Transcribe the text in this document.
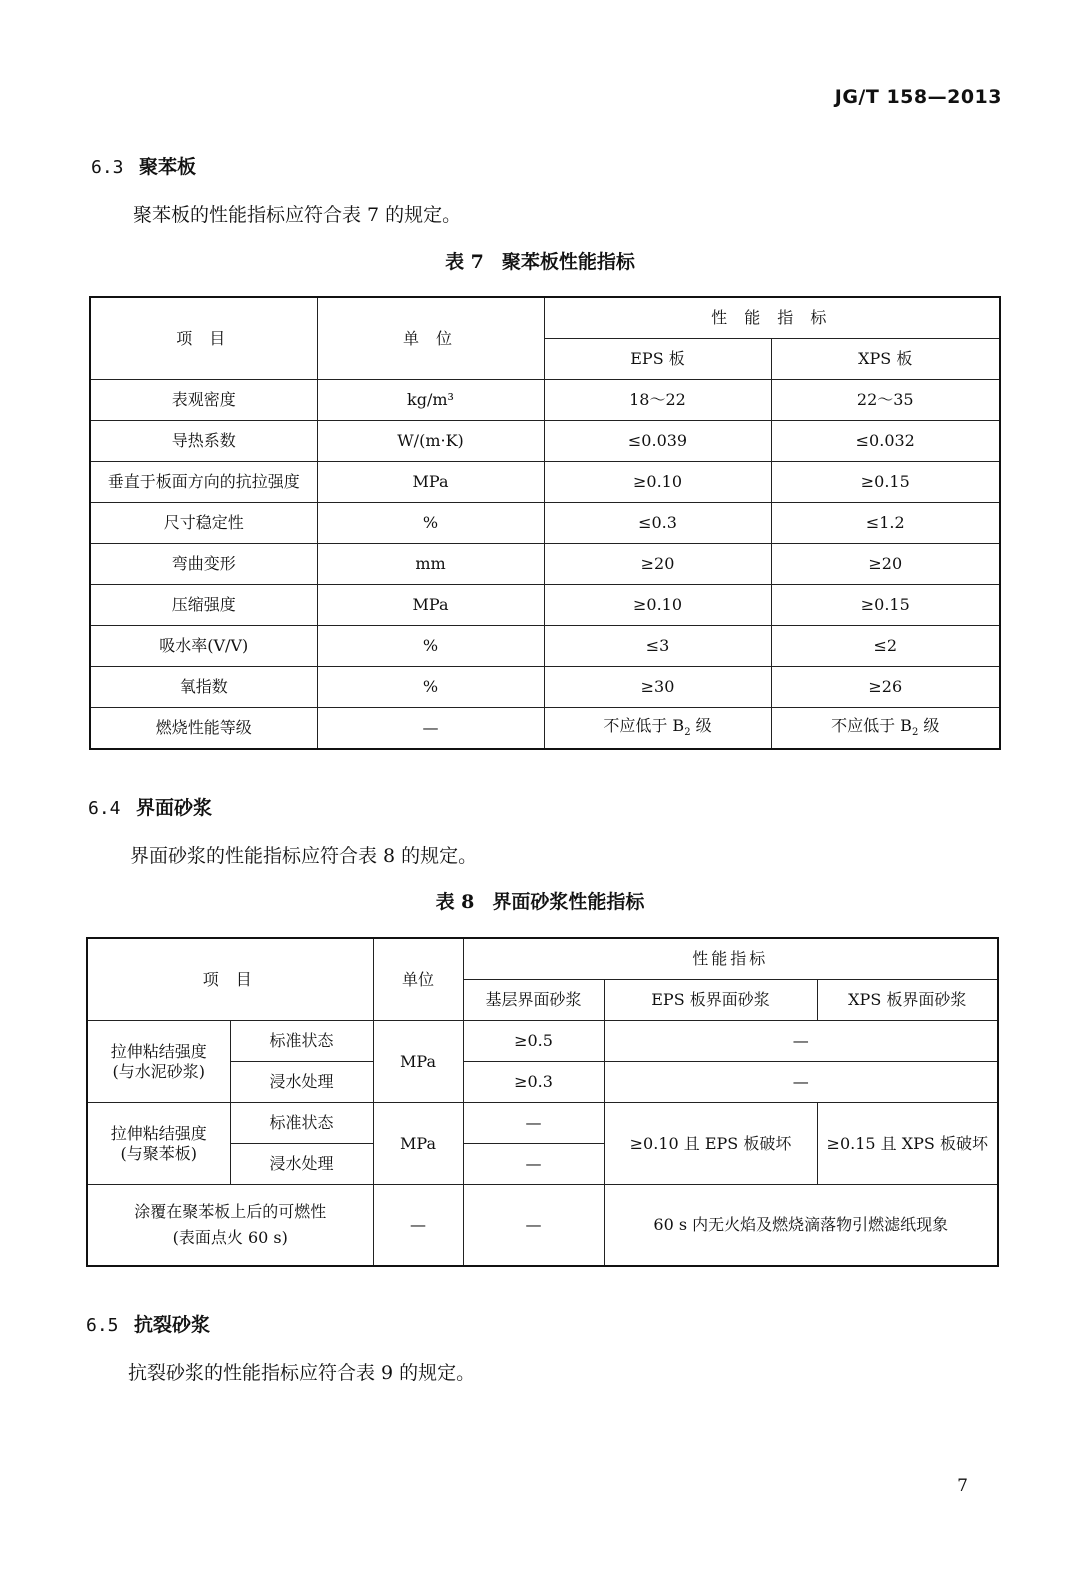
JG/T 158—2013
6.3 聚苯板
聚苯板的性能指标应符合表 7 的规定。
表 7 聚苯板性能指标
项 目	单 位	性 能 指 标	
		EPS 板	XPS 板
表观密度	kg/m³	18～22	22～35
导热系数	W/(m·K)	≤0.039	≤0.032
垂直于板面方向的抗拉强度	MPa	≥0.10	≥0.15
尺寸稳定性	%	≤0.3	≤1.2
弯曲变形	mm	≥20	≥20
压缩强度	MPa	≥0.10	≥0.15
吸水率(V/V)	%	≤3	≤2
氧指数	%	≥30	≥26
燃烧性能等级	—	不应低于 $B_2$ 级	不应低于 $B_2$ 级
6.4 界面砂浆
界面砂浆的性能指标应符合表 8 的规定。
表 8 界面砂浆性能指标
项 目		单位	性能指标		
			基层界面砂浆	EPS 板界面砂浆	XPS 板界面砂浆

拉伸粘结强度
(与水泥砂浆)	标准状态	MPa	≥0.5	—	
	浸水处理		≥0.3	—	

拉伸粘结强度
(与聚苯板)	标准状态	MPa	—	≥0.10 且 EPS 板破坏	≥0.15 且 XPS 板破坏
	浸水处理		—		

涂覆在聚苯板上后的可燃性
(表面点火 60 s)		—	—	60 s 内无火焰及燃烧滴落物引燃滤纸现象	
6.5 抗裂砂浆
抗裂砂浆的性能指标应符合表 9 的规定。
7
